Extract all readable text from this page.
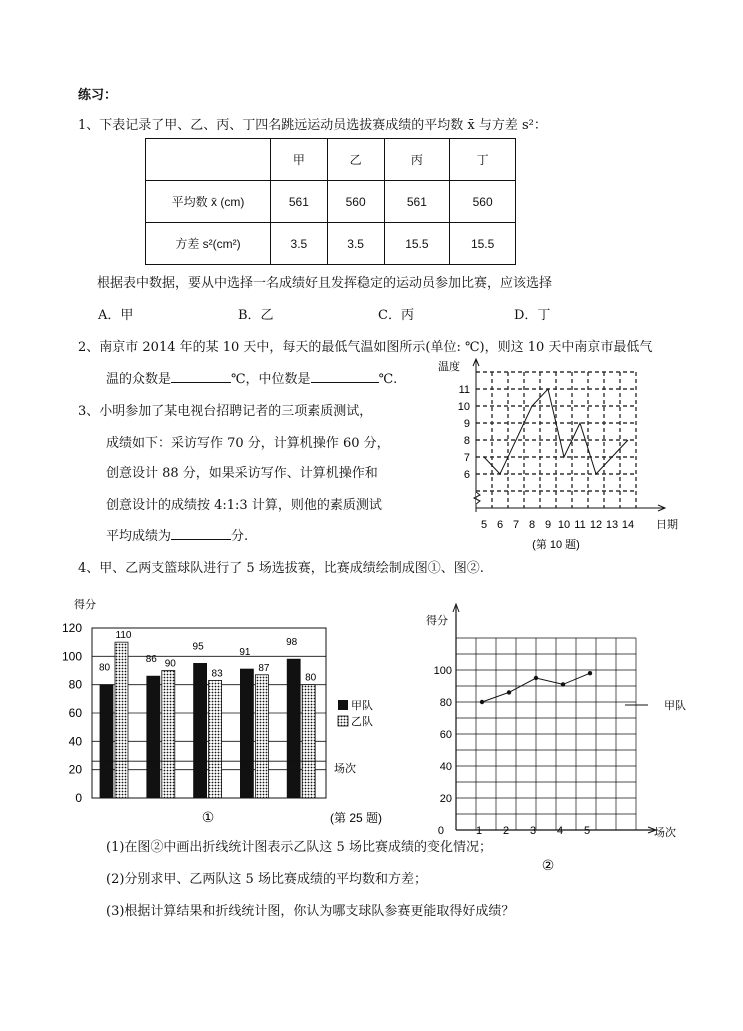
练习：
1、下表记录了甲、乙、丙、丁四名跳远运动员选拔赛成绩的平均数 x̄ 与方差 s²：
	甲	乙	丙	丁
平均数 x̄ (cm)	561	560	561	560
方差 s²(cm²)	3.5	3.5	15.5	15.5
根据表中数据，要从中选择一名成绩好且发挥稳定的运动员参加比赛，应该选择
A．甲	B．乙	C．丙	D．丁
2、南京市 2014 年的某 10 天中，每天的最低气温如图所示(单位: ℃)，则这 10 天中南京市最低气
温的众数是	℃，中位数是	℃.
3、小明参加了某电视台招聘记者的三项素质测试，
成绩如下：采访写作 70 分，计算机操作 60 分，
创意设计 88 分，如果采访写作、计算机操作和
创意设计的成绩按 4:1:3 计算，则他的素质测试
平均成绩为	分.
6
7
8
9
10
11
5 6 7 8 9 10 11 12 13 14
温度
日期
(第 10 题)
4、甲、乙两支篮球队进行了 5 场选拔赛，比赛成绩绘制成图①、图②.
得分
0
20
40
60
80
100
120
80
110
86 90
95
83
91
87
98
80
甲队
乙队
场次
①	(第 25 题)
得分
场次
0
20
40
60
80
100
1 2 3 4 5
甲队
②
(1)在图②中画出折线统计图表示乙队这 5 场比赛成绩的变化情况；
(2)分别求甲、乙两队这 5 场比赛成绩的平均数和方差；
(3)根据计算结果和折线统计图，你认为哪支球队参赛更能取得好成绩？
